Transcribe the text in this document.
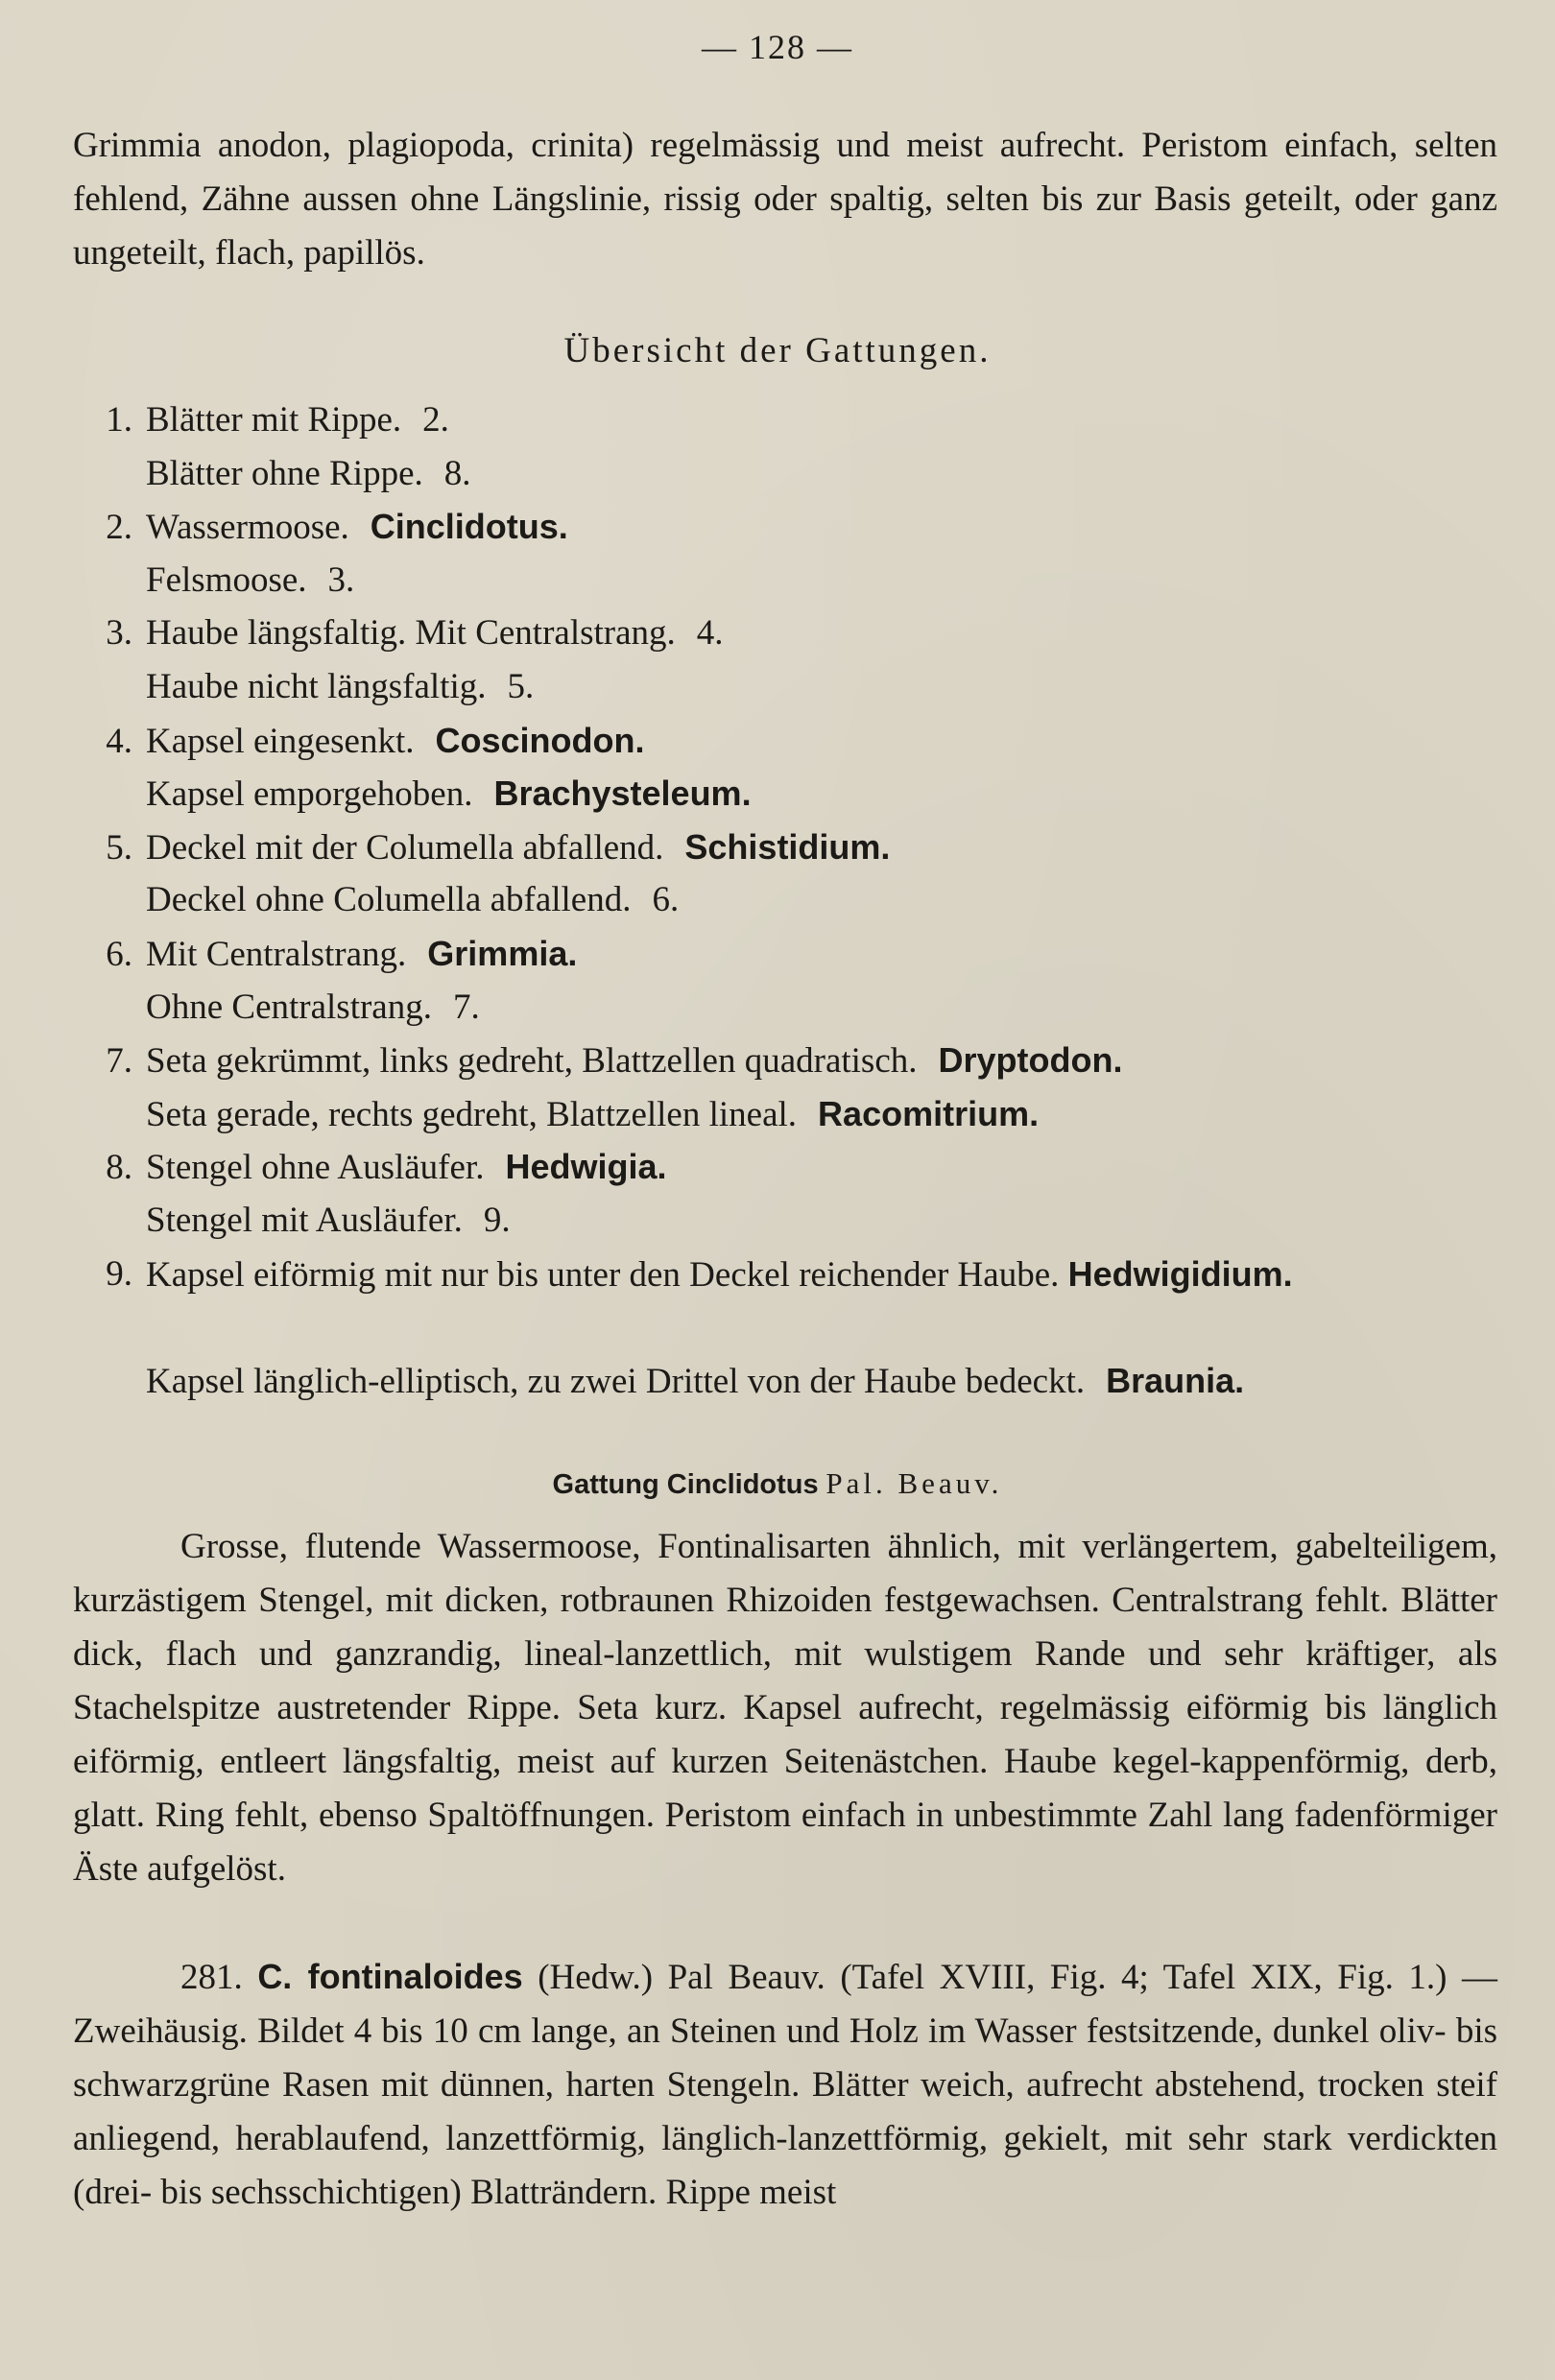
— 128 —
Grimmia anodon, plagiopoda, crinita) regelmässig und meist aufrecht. Peristom einfach, selten fehlend, Zähne aussen ohne Längslinie, rissig oder spaltig, selten bis zur Basis geteilt, oder ganz ungeteilt, flach, papillös.
Übersicht der Gattungen.
1. Blätter mit Rippe. 2.
Blätter ohne Rippe. 8.
2. Wassermoose. Cinclidotus.
Felsmoose. 3.
3. Haube längsfaltig. Mit Centralstrang. 4.
Haube nicht längsfaltig. 5.
4. Kapsel eingesenkt. Coscinodon.
Kapsel emporgehoben. Brachysteleum.
5. Deckel mit der Columella abfallend. Schistidium.
Deckel ohne Columella abfallend. 6.
6. Mit Centralstrang. Grimmia.
Ohne Centralstrang. 7.
7. Seta gekrümmt, links gedreht, Blattzellen quadratisch. Dryptodon.
Seta gerade, rechts gedreht, Blattzellen lineal. Racomitrium.
8. Stengel ohne Ausläufer. Hedwigia.
Stengel mit Ausläufer. 9.
9. Kapsel eiförmig mit nur bis unter den Deckel reichender Haube. Hedwigidium.
Kapsel länglich-elliptisch, zu zwei Drittel von der Haube bedeckt. Braunia.
Gattung Cinclidotus Pal. Beauv.
Grosse, flutende Wassermoose, Fontinalisarten ähnlich, mit verlängertem, gabelteiligem, kurzästigem Stengel, mit dicken, rotbraunen Rhizoiden festgewachsen. Centralstrang fehlt. Blätter dick, flach und ganzrandig, lineal-lanzettlich, mit wulstigem Rande und sehr kräftiger, als Stachelspitze austretender Rippe. Seta kurz. Kapsel aufrecht, regelmässig eiförmig bis länglich eiförmig, entleert längsfaltig, meist auf kurzen Seitenästchen. Haube kegel-kappenförmig, derb, glatt. Ring fehlt, ebenso Spaltöffnungen. Peristom einfach in unbestimmte Zahl lang fadenförmiger Äste aufgelöst.
281. C. fontinaloides (Hedw.) Pal Beauv. (Tafel XVIII, Fig. 4; Tafel XIX, Fig. 1.) — Zweihäusig. Bildet 4 bis 10 cm lange, an Steinen und Holz im Wasser festsitzende, dunkel oliv- bis schwarzgrüne Rasen mit dünnen, harten Stengeln. Blätter weich, aufrecht abstehend, trocken steif anliegend, herablaufend, lanzettförmig, länglich-lanzettförmig, gekielt, mit sehr stark verdickten (drei- bis sechsschichtigen) Blatträndern. Rippe meist
